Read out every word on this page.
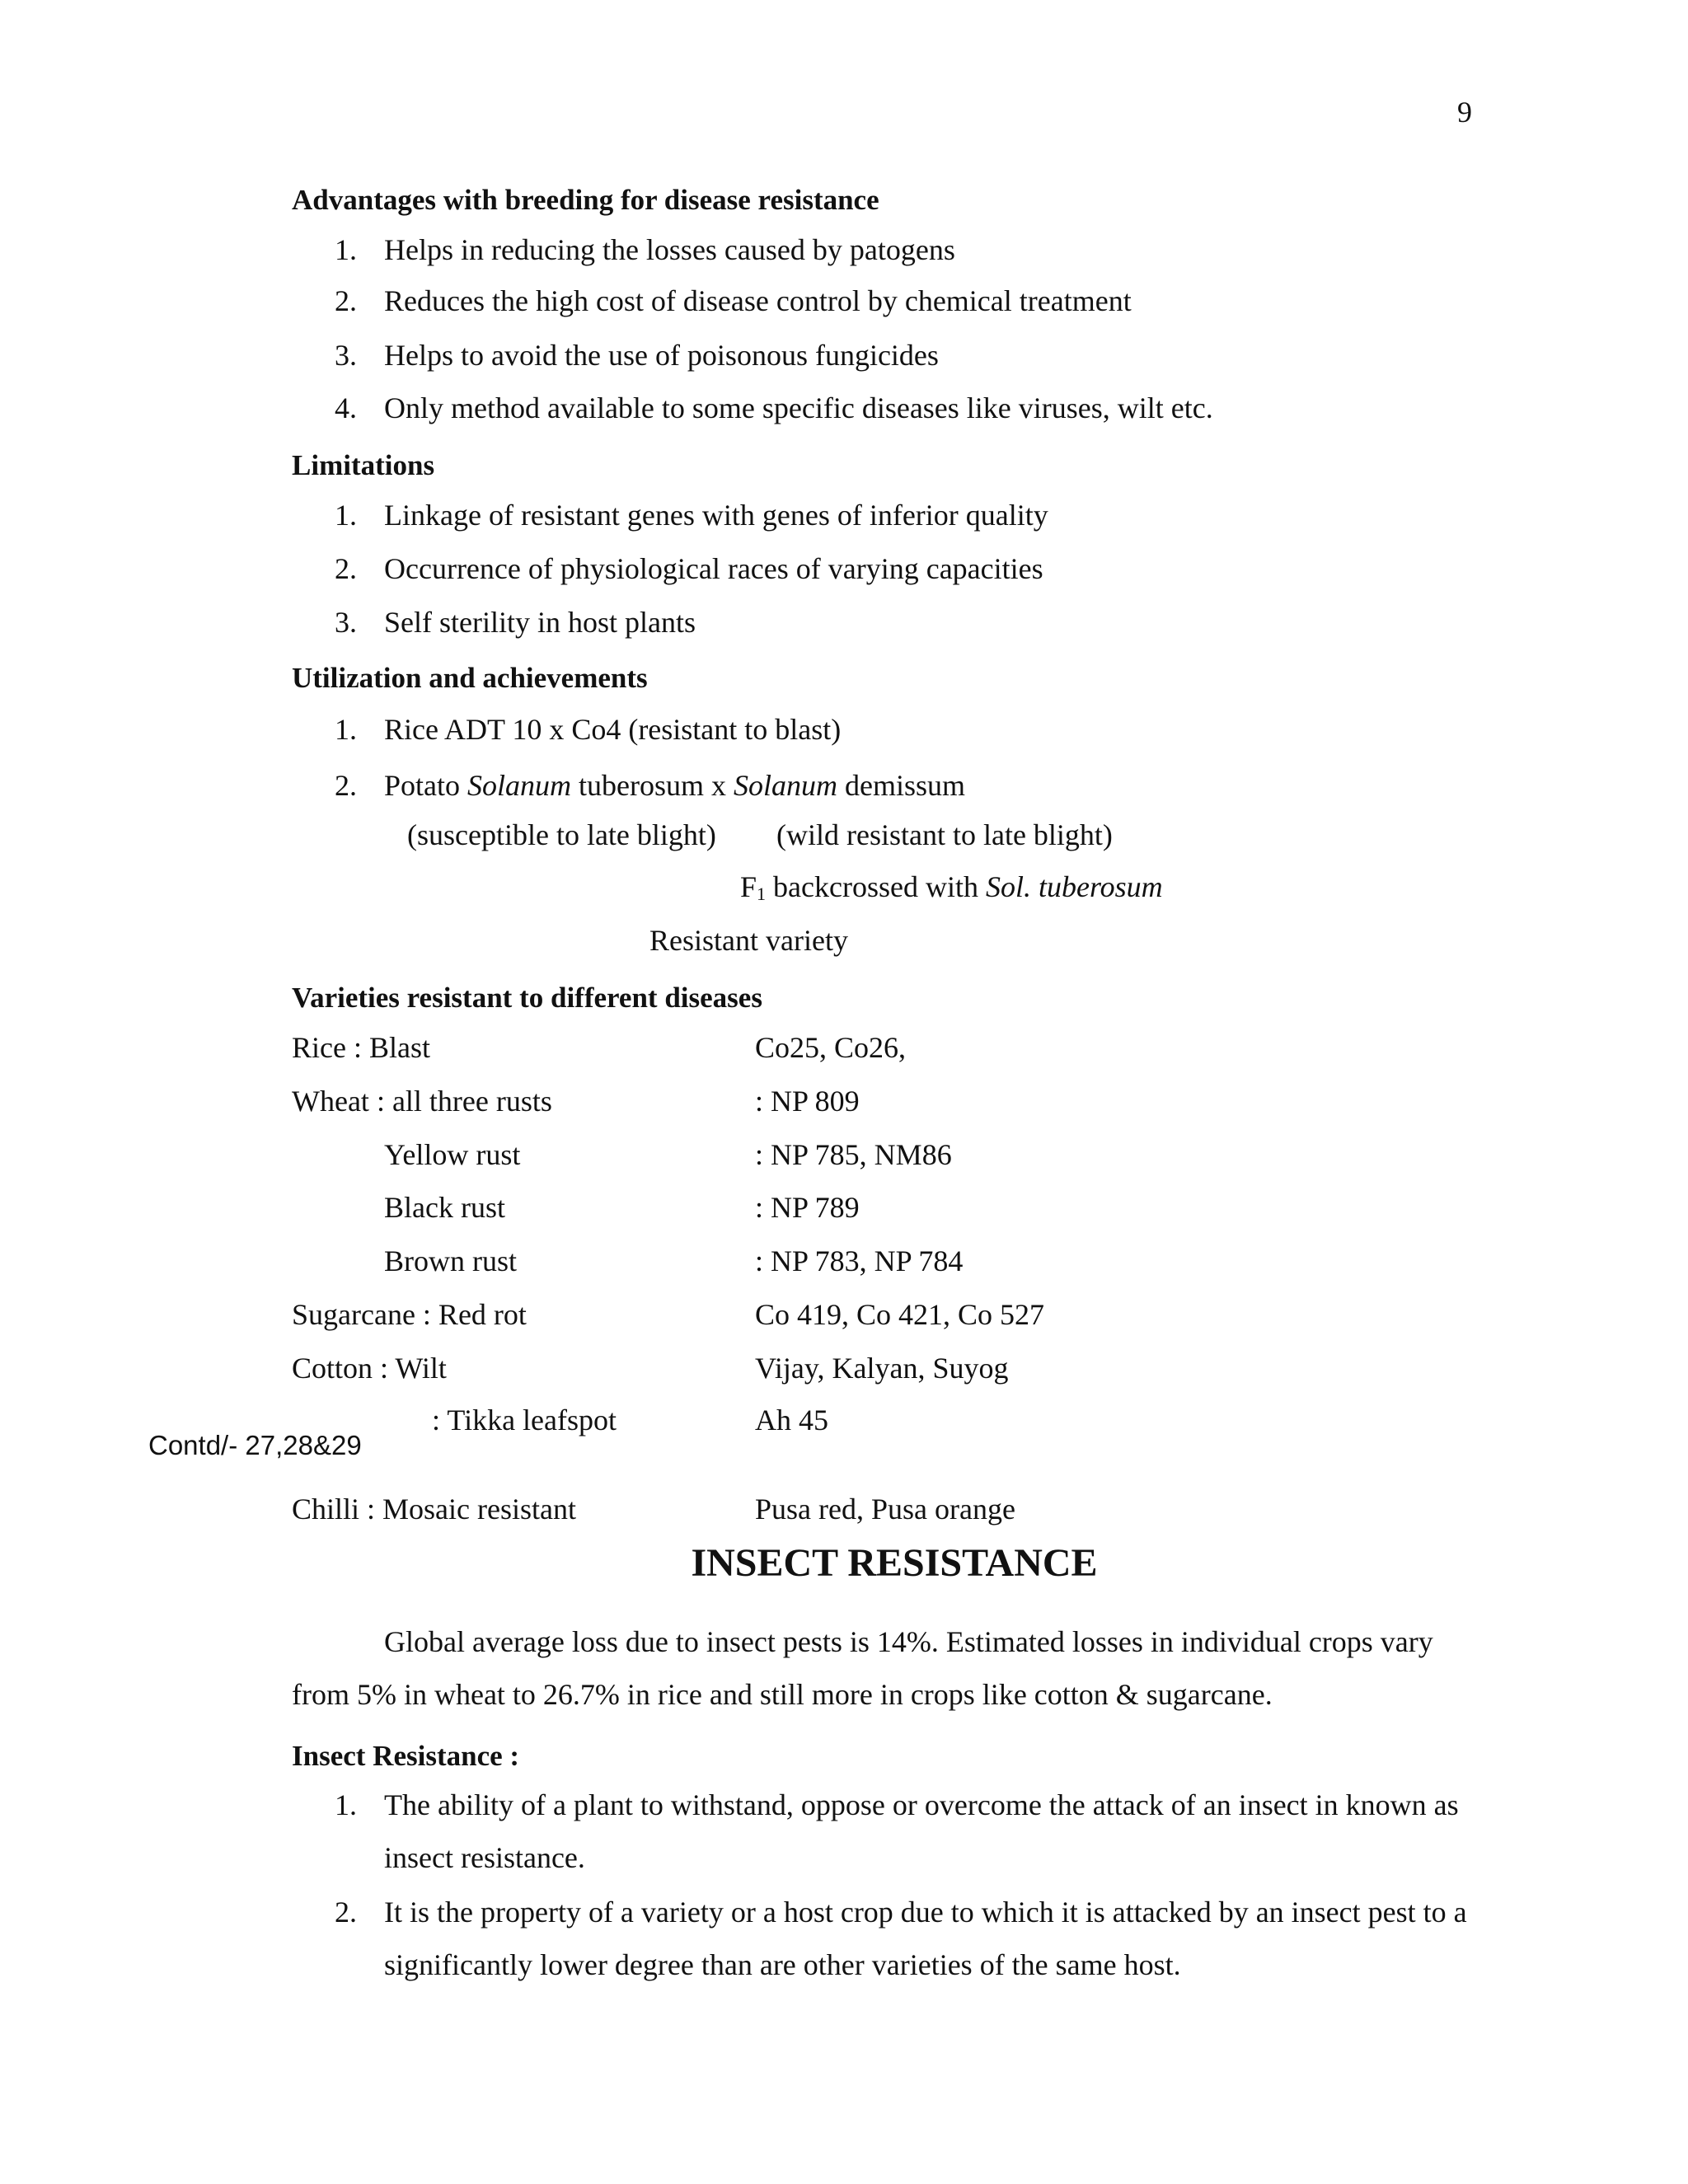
9
Advantages with breeding for disease resistance
1. Helps in reducing the losses caused by patogens
2. Reduces the high cost of disease control by chemical treatment
3. Helps to avoid the use of poisonous fungicides
4. Only method available to some specific diseases like viruses, wilt etc.
Limitations
1. Linkage of resistant genes with genes of inferior quality
2. Occurrence of physiological races of varying capacities
3. Self sterility in host plants
Utilization and achievements
1. Rice ADT 10 x Co4 (resistant to blast)
2. Potato Solanum tuberosum x Solanum demissum
(susceptible to late blight) (wild resistant to late blight)
$F_1$ backcrossed with Sol. tuberosum
Resistant variety
Varieties resistant to different diseases
Rice : Blast	Co25, Co26,
Wheat : all three rusts	: NP 809
Yellow rust	: NP 785, NM86
Black rust	: NP 789
Brown rust	: NP 783, NP 784
Sugarcane : Red rot	Co 419, Co 421, Co 527
Cotton : Wilt	Vijay, Kalyan, Suyog
: Tikka leafspot	Ah 45
Contd/- 27,28&29
Chilli : Mosaic resistant	Pusa red, Pusa orange
INSECT RESISTANCE
Global average loss due to insect pests is 14%. Estimated losses in individual crops vary from 5% in wheat to 26.7% in rice and still more in crops like cotton & sugarcane.
Insect Resistance :
1. The ability of a plant to withstand, oppose or overcome the attack of an insect in known as insect resistance.
2. It is the property of a variety or a host crop due to which it is attacked by an insect pest to a significantly lower degree than are other varieties of the same host.
